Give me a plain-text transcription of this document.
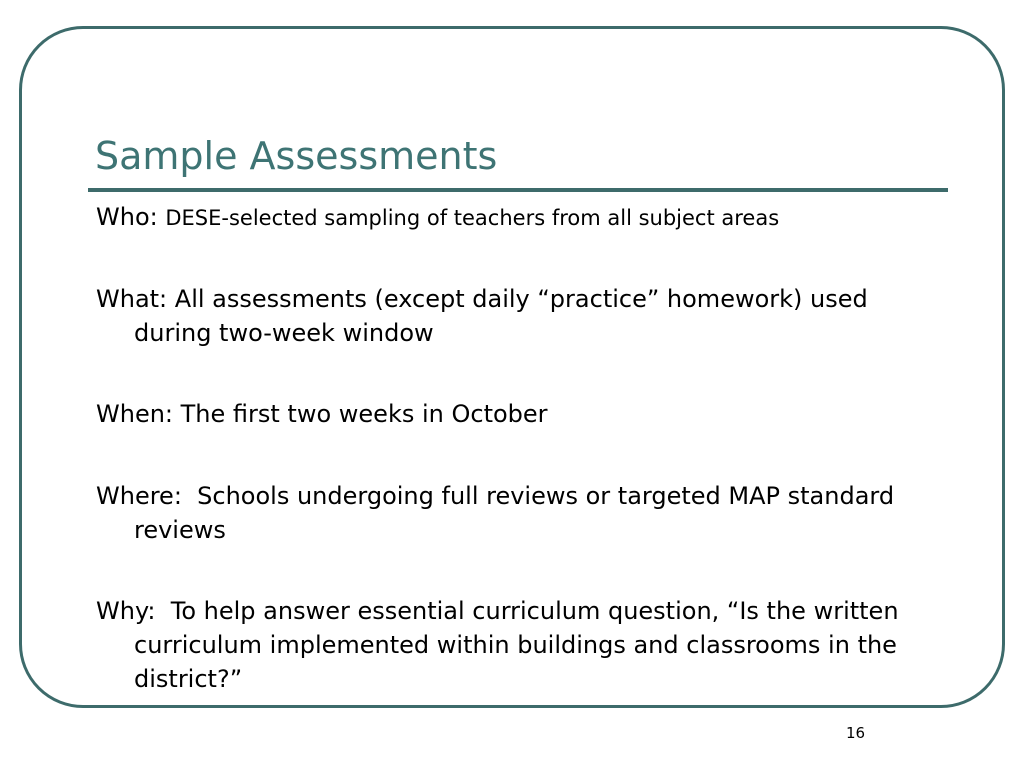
Sample Assessments
Who: DESE-selected sampling of teachers from all subject areas
What: All assessments (except daily “practice” homework) used during two-week window
When: The first two weeks in October
Where:  Schools undergoing full reviews or targeted MAP standard reviews
Why:  To help answer essential curriculum question, “Is the written curriculum implemented within buildings and classrooms in the district?”
16
